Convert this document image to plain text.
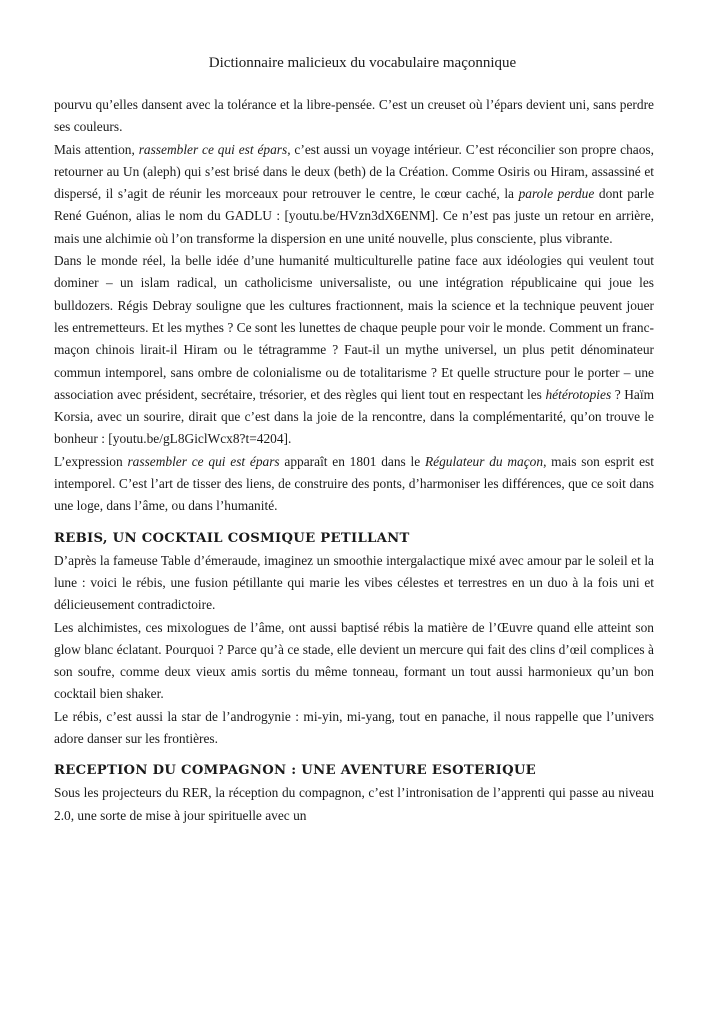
Dictionnaire malicieux du vocabulaire maçonnique

pourvu qu’elles dansent avec la tolérance et la libre-pensée. C’est un creuset où l’épars devient uni, sans perdre ses couleurs.

Mais attention, rassembler ce qui est épars, c’est aussi un voyage intérieur. C’est réconcilier son propre chaos, retourner au Un (aleph) qui s’est brisé dans le deux (beth) de la Création. Comme Osiris ou Hiram, assassiné et dispersé, il s’agit de réunir les morceaux pour retrouver le centre, le cœur caché, la parole perdue dont parle René Guénon, alias le nom du GADLU : [youtu.be/HVzn3dX6ENM]. Ce n’est pas juste un retour en arrière, mais une alchimie où l’on transforme la dispersion en une unité nouvelle, plus consciente, plus vibrante.

Dans le monde réel, la belle idée d’une humanité multiculturelle patine face aux idéologies qui veulent tout dominer – un islam radical, un catholicisme universaliste, ou une intégration républicaine qui joue les bulldozers. Régis Debray souligne que les cultures fractionnent, mais la science et la technique peuvent jouer les entremetteurs. Et les mythes ? Ce sont les lunettes de chaque peuple pour voir le monde. Comment un franc-maçon chinois lirait-il Hiram ou le tétragramme ? Faut-il un mythe universel, un plus petit dénominateur commun intemporel, sans ombre de colonialisme ou de totalitarisme ? Et quelle structure pour le porter – une association avec président, secrétaire, trésorier, et des règles qui lient tout en respectant les hétérotopies ? Haïm Korsia, avec un sourire, dirait que c’est dans la joie de la rencontre, dans la complémentarité, qu’on trouve le bonheur : [youtu.be/gL8GiclWcx8?t=4204].

L’expression rassembler ce qui est épars apparaît en 1801 dans le Régulateur du maçon, mais son esprit est intemporel. C’est l’art de tisser des liens, de construire des ponts, d’harmoniser les différences, que ce soit dans une loge, dans l’âme, ou dans l’humanité.

REBIS, UN COCKTAIL COSMIQUE PETILLANT

D’après la fameuse Table d’émeraude, imaginez un smoothie intergalactique mixé avec amour par le soleil et la lune : voici le rébis, une fusion pétillante qui marie les vibes célestes et terrestres en un duo à la fois uni et délicieusement contradictoire.

Les alchimistes, ces mixologues de l’âme, ont aussi baptisé rébis la matière de l’Œuvre quand elle atteint son glow blanc éclatant. Pourquoi ? Parce qu’à ce stade, elle devient un mercure qui fait des clins d’œil complices à son soufre, comme deux vieux amis sortis du même tonneau, formant un tout aussi harmonieux qu’un bon cocktail bien shaker.

Le rébis, c’est aussi la star de l’androgynie : mi-yin, mi-yang, tout en panache, il nous rappelle que l’univers adore danser sur les frontières.

RECEPTION DU COMPAGNON : UNE AVENTURE ESOTERIQUE

Sous les projecteurs du RER, la réception du compagnon, c’est l’intronisation de l’apprenti qui passe au niveau 2.0, une sorte de mise à jour spirituelle avec un
